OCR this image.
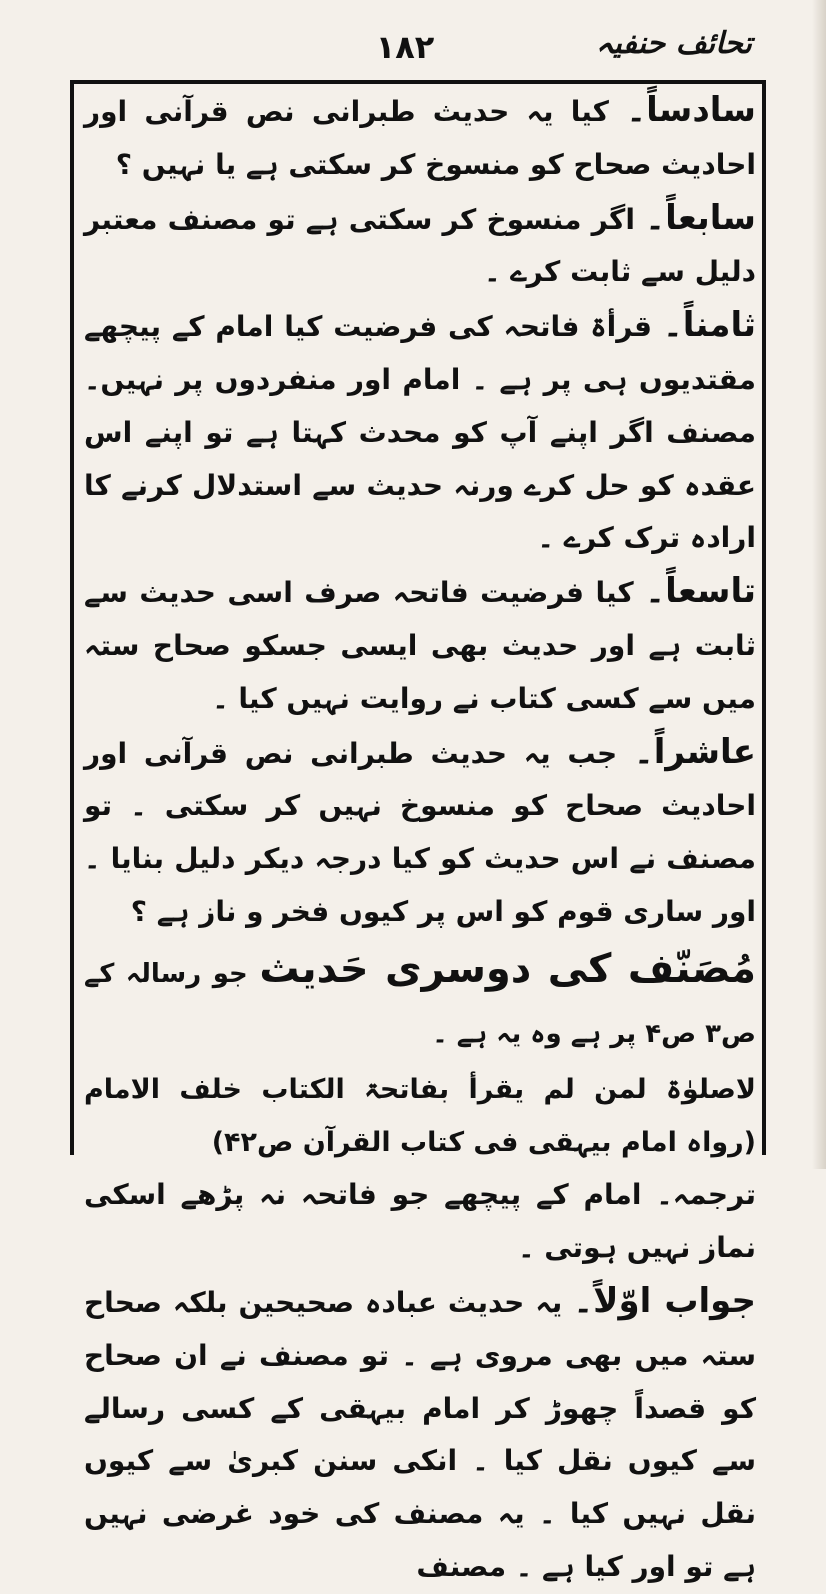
تحائف حنفیہ
۱۸۲

سادساً۔ کیا یہ حدیث طبرانی نص قرآنی اور احادیث صحاح کو منسوخ کر سکتی ہے یا نہیں ؟

سابعاً۔ اگر منسوخ کر سکتی ہے تو مصنف معتبر دلیل سے ثابت کرے ۔

ثامناً۔ قرأۃ فاتحہ کی فرضیت کیا امام کے پیچھے مقتدیوں ہی پر ہے ۔ امام اور منفردوں پر نہیں۔ مصنف اگر اپنے آپ کو محدث کہتا ہے تو اپنے اس عقدہ کو حل کرے ورنہ حدیث سے استدلال کرنے کا ارادہ ترک کرے ۔

تاسعاً۔ کیا فرضیت فاتحہ صرف اسی حدیث سے ثابت ہے اور حدیث بھی ایسی جسکو صحاح ستہ میں سے کسی کتاب نے روایت نہیں کیا ۔

عاشراً۔ جب یہ حدیث طبرانی نص قرآنی اور احادیث صحاح کو منسوخ نہیں کر سکتی ۔ تو مصنف نے اس حدیث کو کیا درجہ دیکر دلیل بنایا ۔ اور ساری قوم کو اس پر کیوں فخر و ناز ہے ؟

مُصَنّف کی دوسری حَدیث جو رسالہ کے ص۳ ص۴ پر ہے وہ یہ ہے ۔

لاصلوٰۃ لمن لم یقرأ بفاتحۃ الکتاب خلف الامام (رواہ امام بیہقی فی کتاب القرآن ص۴۲)

ترجمہ۔ امام کے پیچھے جو فاتحہ نہ پڑھے اسکی نماز نہیں ہوتی ۔

جواب اوّلاً۔ یہ حدیث عبادہ صحیحین بلکہ صحاح ستہ میں بھی مروی ہے ۔ تو مصنف نے ان صحاح کو قصداً چھوڑ کر امام بیہقی کے کسی رسالے سے کیوں نقل کیا ۔ انکی سنن کبریٰ سے کیوں نقل نہیں کیا ۔ یہ مصنف کی خود غرضی نہیں ہے تو اور کیا ہے ۔ مصنف
